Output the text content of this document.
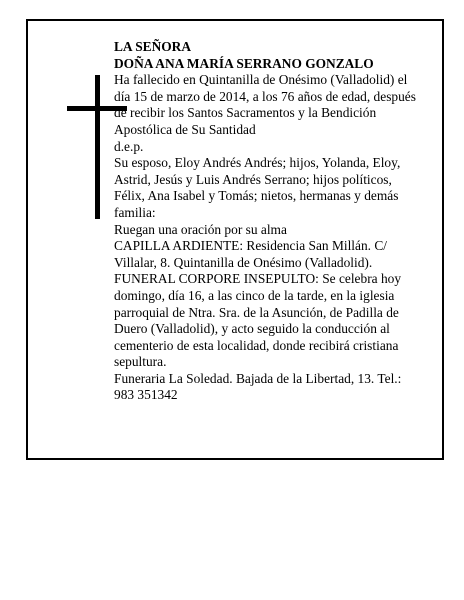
LA SEÑORA

DOÑA ANA MARÍA SERRANO GONZALO

Ha fallecido en Quintanilla de Onésimo (Valladolid) el día 15 de marzo de 2014, a los 76 años de edad, después de recibir los Santos Sacramentos y la Bendición Apostólica de Su Santidad

d.e.p.

Su esposo, Eloy Andrés Andrés; hijos, Yolanda, Eloy, Astrid, Jesús y Luis Andrés Serrano; hijos políticos, Félix, Ana Isabel y Tomás; nietos, hermanas y demás familia:

Ruegan una oración por su alma

CAPILLA ARDIENTE: Residencia San Millán. C/ Villalar, 8. Quintanilla de Onésimo (Valladolid).

FUNERAL CORPORE INSEPULTO: Se celebra hoy domingo, día 16, a las cinco de la tarde, en la iglesia parroquial de Ntra. Sra. de la Asunción, de Padilla de Duero (Valladolid), y acto seguido la conducción al cementerio de esta localidad, donde recibirá cristiana sepultura.

Funeraria La Soledad. Bajada de la Libertad, 13. Tel.: 983 351342
